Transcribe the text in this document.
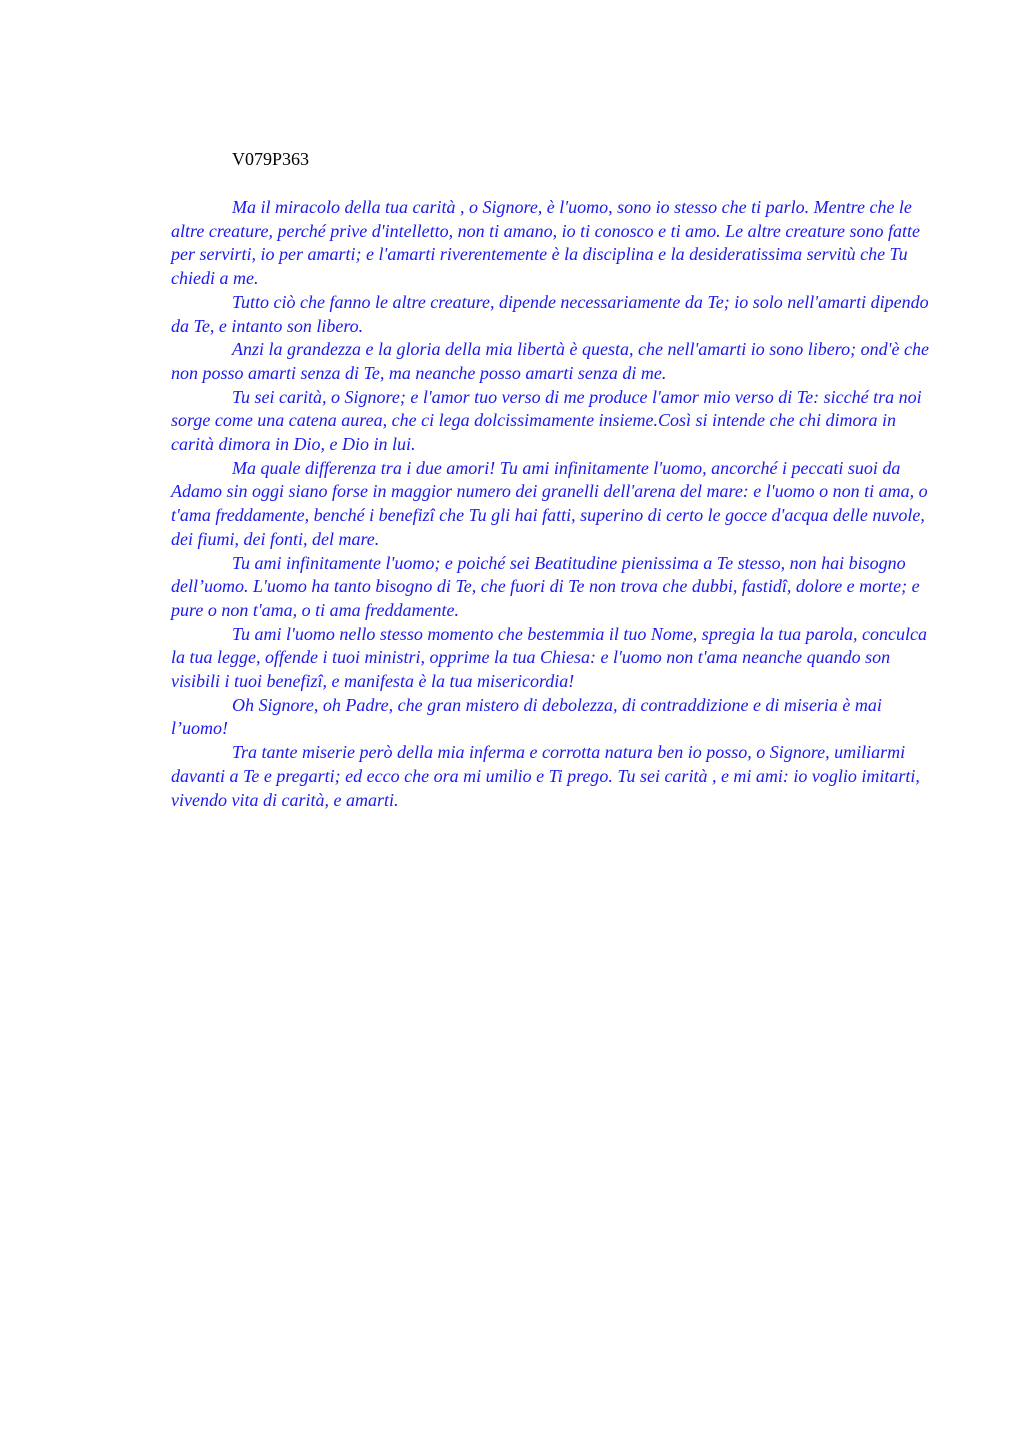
V079P363

Ma il miracolo della tua carità , o Signore, è l'uomo, sono io stesso che ti parlo. Mentre che le altre creature, perché prive d'intelletto, non ti amano, io ti conosco e ti amo. Le altre creature sono fatte per servirti, io per amarti; e l'amarti riverentemente è la disciplina e la desideratissima servitù che Tu chiedi a me.

Tutto ciò che fanno le altre creature, dipende necessariamente da Te; io solo nell'amarti dipendo da Te, e intanto son libero.

Anzi la grandezza e la gloria della mia libertà è questa, che nell'amarti io sono libero; ond'è che non posso amarti senza di Te, ma neanche posso amarti senza di me.

Tu sei carità, o Signore; e l'amor tuo verso di me produce l'amor mio verso di Te: sicché tra noi sorge come una catena aurea, che ci lega dolcissimamente insieme.Così si intende che chi dimora in carità dimora in Dio, e Dio in lui.

Ma quale differenza tra i due amori! Tu ami infinitamente l'uomo, ancorché i peccati suoi da Adamo sin oggi siano forse in maggior numero dei granelli dell'arena del mare: e l'uomo o non ti ama, o t'ama freddamente, benché i benefizî che Tu gli hai fatti, superino di certo le gocce d'acqua delle nuvole, dei fiumi, dei fonti, del mare.

Tu ami infinitamente l'uomo; e poiché sei Beatitudine pienissima a Te stesso, non hai bisogno dell’uomo. L'uomo ha tanto bisogno di Te, che fuori di Te non trova che dubbi, fastidî, dolore e morte; e pure o non t'ama, o ti ama freddamente.

Tu ami l'uomo nello stesso momento che bestemmia il tuo Nome, spregia la tua parola, conculca la tua legge, offende i tuoi ministri, opprime la tua Chiesa: e l'uomo non t'ama neanche quando son visibili i tuoi benefizî, e manifesta è la tua misericordia!

Oh Signore, oh Padre, che gran mistero di debolezza, di contraddizione e di miseria è mai l’uomo!

Tra tante miserie però della mia inferma e corrotta natura ben io posso, o Signore, umiliarmi davanti a Te e pregarti; ed ecco che ora mi umilio e Ti prego. Tu sei carità , e mi ami: io voglio imitarti, vivendo vita di carità, e amarti.
